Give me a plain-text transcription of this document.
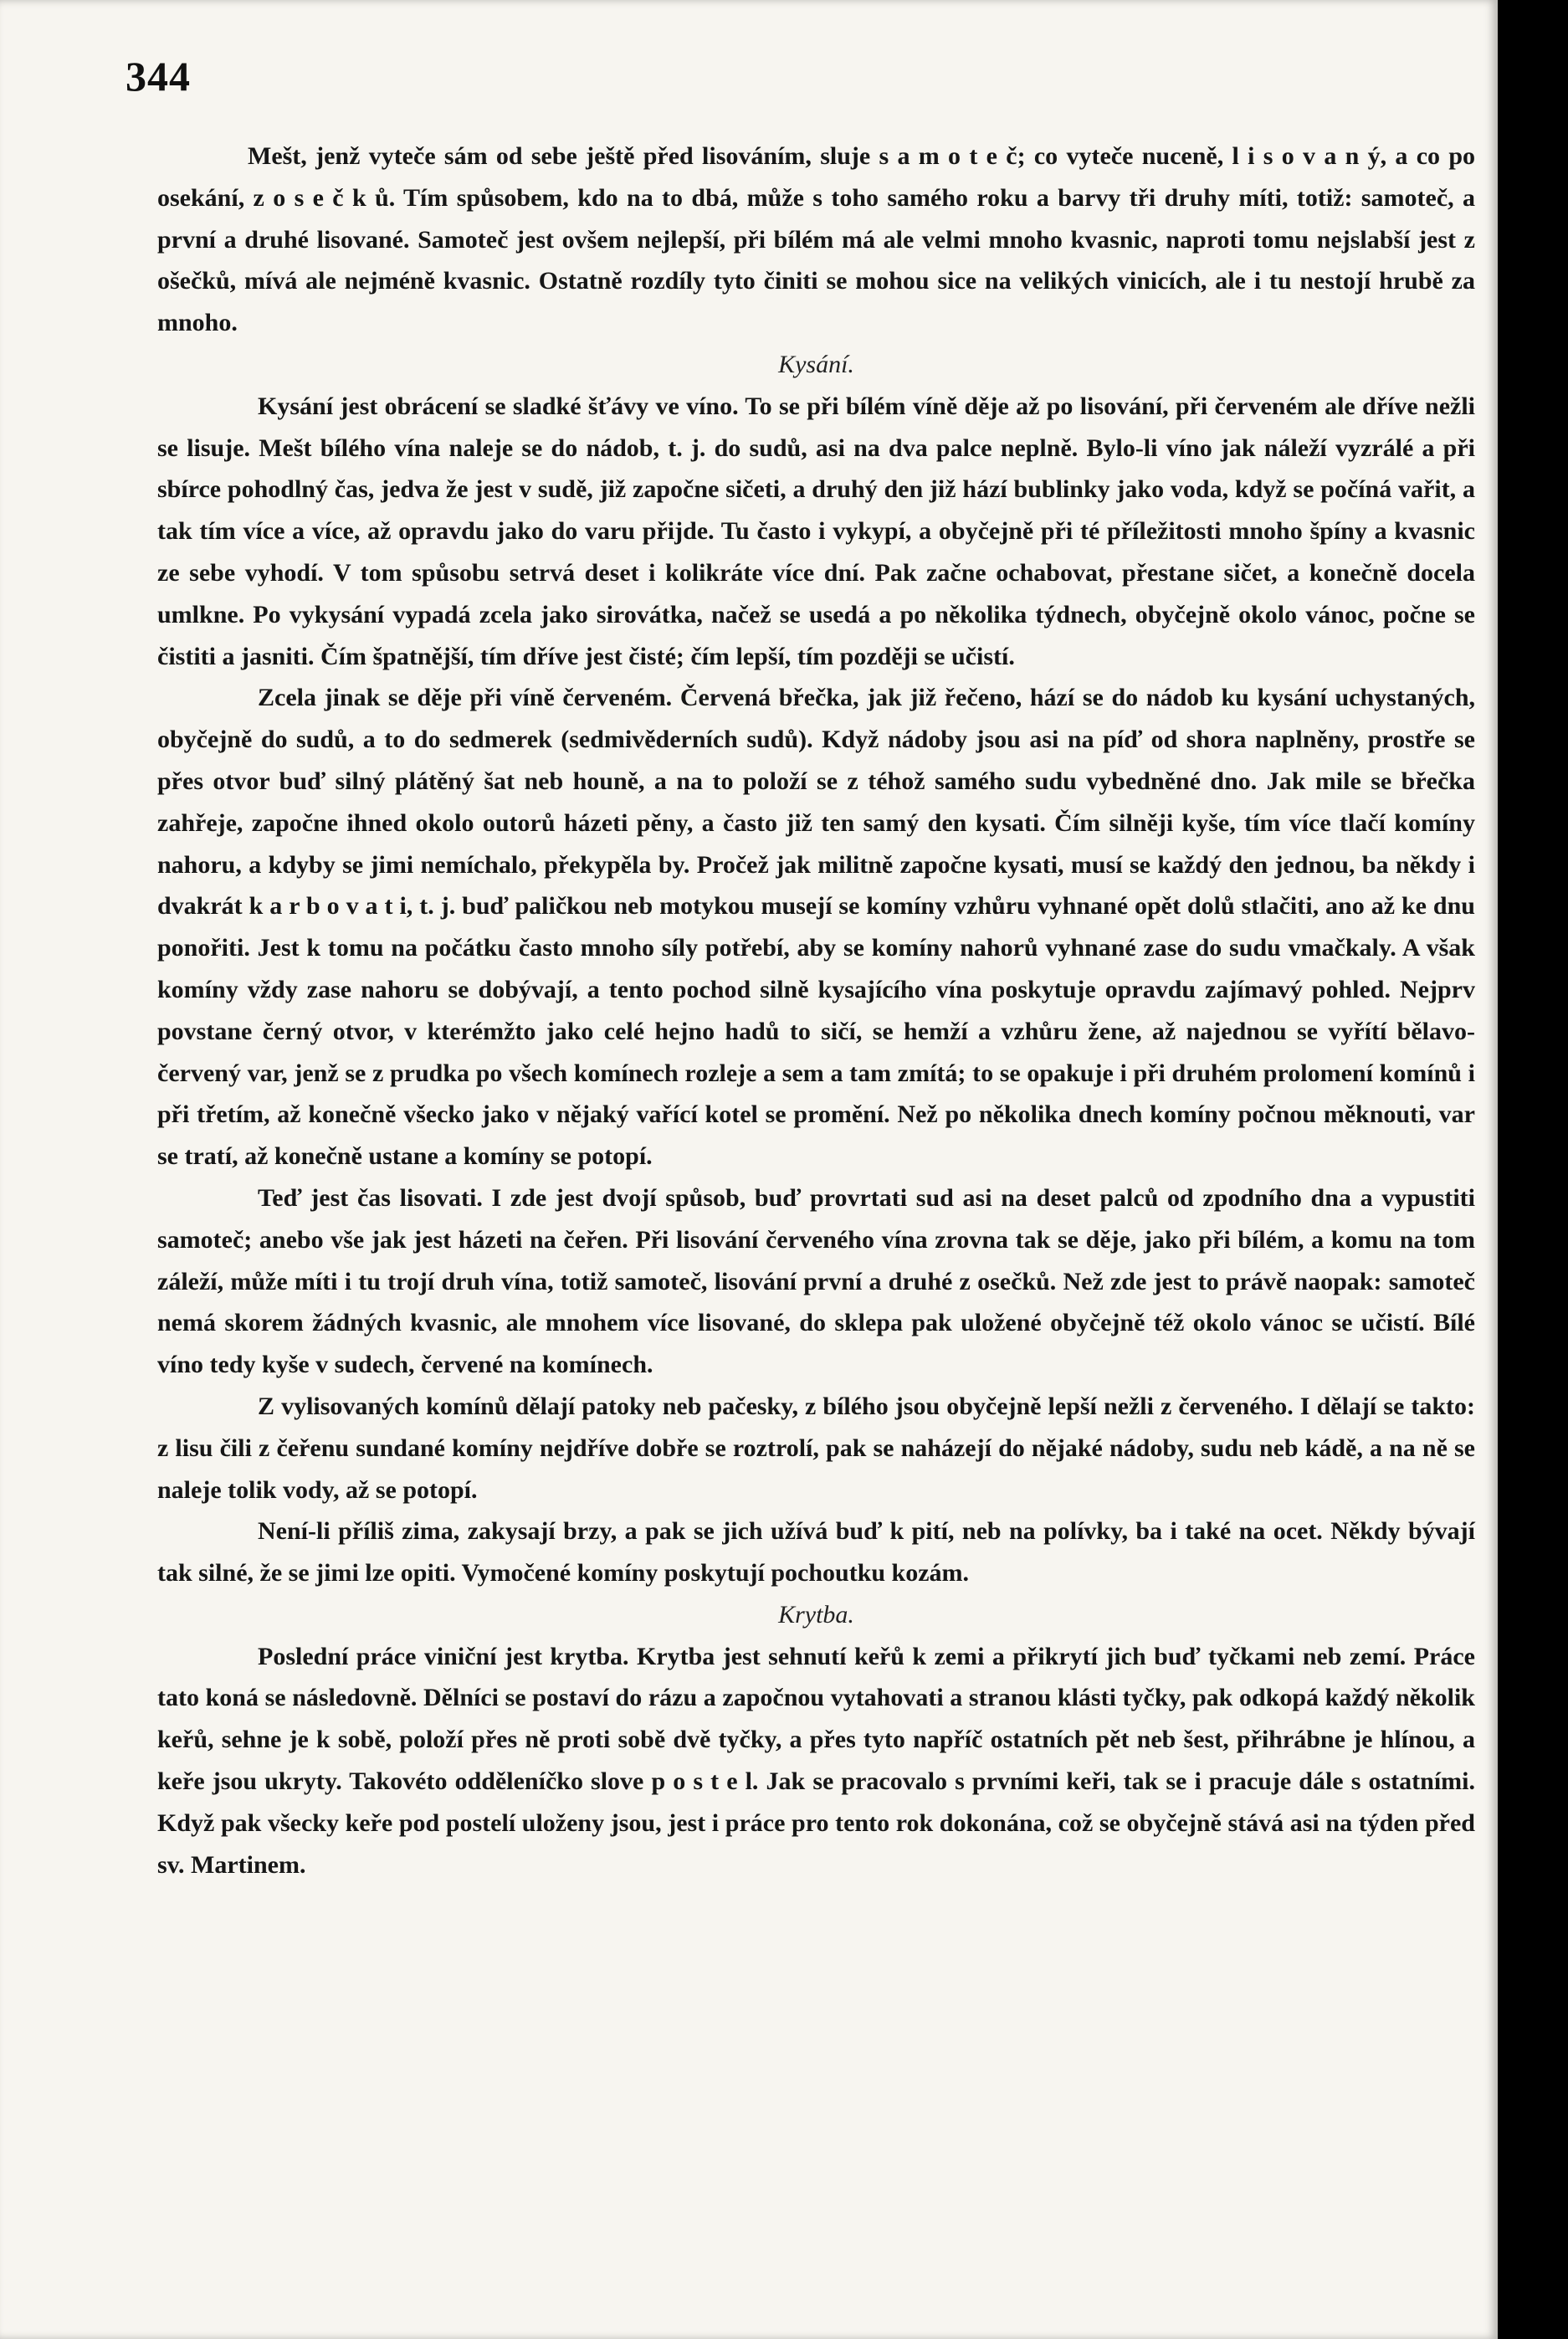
344

Mešt, jenž vyteče sám od sebe ještě před lisováním, sluje s a m o t e č; co vyteče nuceně, l i s o v a n ý, a co po osekání, z o s e č k ů. Tím spůsobem, kdo na to dbá, může s toho samého roku a barvy tři druhy míti, totiž: samoteč, a první a druhé lisované. Samoteč jest ovšem nejlepší, při bílém má ale velmi mnoho kvasnic, naproti tomu nejslabší jest z ošečků, mívá ale nejméně kvasnic. Ostatně rozdíly tyto činiti se mohou sice na velikých vinicích, ale i tu nestojí hrubě za mnoho.

Kysání.

Kysání jest obrácení se sladké šťávy ve víno. To se při bílém víně děje až po lisování, při červeném ale dříve nežli se lisuje. Mešt bílého vína naleje se do nádob, t. j. do sudů, asi na dva palce neplně. Bylo-li víno jak náleží vyzrálé a při sbírce pohodlný čas, jedva že jest v sudě, již započne sičeti, a druhý den již hází bublinky jako voda, když se počíná vařit, a tak tím více a více, až opravdu jako do varu přijde. Tu často i vykypí, a obyčejně při té příležitosti mnoho špíny a kvasnic ze sebe vyhodí. V tom spůsobu setrvá deset i kolikráte více dní. Pak začne ochabovat, přestane sičet, a konečně docela umlkne. Po vykysání vypadá zcela jako sirovátka, načež se usedá a po několika týdnech, obyčejně okolo vánoc, počne se čistiti a jasniti. Čím špatnější, tím dříve jest čisté; čím lepší, tím později se učistí.

Zcela jinak se děje při víně červeném. Červená břečka, jak již řečeno, hází se do nádob ku kysání uchystaných, obyčejně do sudů, a to do sedmerek (sedmivěderních sudů). Když nádoby jsou asi na píď od shora naplněny, prostře se přes otvor buď silný plátěný šat neb houně, a na to položí se z téhož samého sudu vybedněné dno. Jak mile se břečka zahřeje, započne ihned okolo outorů házeti pěny, a často již ten samý den kysati. Čím silněji kyše, tím více tlačí komíny nahoru, a kdyby se jimi nemíchalo, překypěla by. Pročež jak militně započne kysati, musí se každý den jednou, ba někdy i dvakrát k a r b o v a t i, t. j. buď paličkou neb motykou musejí se komíny vzhůru vyhnané opět dolů stlačiti, ano až ke dnu ponořiti. Jest k tomu na počátku často mnoho síly potřebí, aby se komíny nahorů vyhnané zase do sudu vmačkaly. A však komíny vždy zase nahoru se dobývají, a tento pochod silně kysajícího vína poskytuje opravdu zajímavý pohled. Nejprv povstane černý otvor, v kterémžto jako celé hejno hadů to sičí, se hemží a vzhůru žene, až najednou se vyřítí bělavo-červený var, jenž se z prudka po všech komínech rozleje a sem a tam zmítá; to se opakuje i při druhém prolomení komínů i při třetím, až konečně všecko jako v nějaký vařící kotel se promění. Než po několika dnech komíny počnou měknouti, var se tratí, až konečně ustane a komíny se potopí.

Teď jest čas lisovati. I zde jest dvojí spůsob, buď provrtati sud asi na deset palců od zpodního dna a vypustiti samoteč; anebo vše jak jest házeti na čeřen. Při lisování červeného vína zrovna tak se děje, jako při bílém, a komu na tom záleží, může míti i tu trojí druh vína, totiž samoteč, lisování první a druhé z osečků. Než zde jest to právě naopak: samoteč nemá skorem žádných kvasnic, ale mnohem více lisované, do sklepa pak uložené obyčejně též okolo vánoc se učistí. Bílé víno tedy kyše v sudech, červené na komínech.

Z vylisovaných komínů dělají patoky neb pačesky, z bílého jsou obyčejně lepší nežli z červeného. I dělají se takto: z lisu čili z čeřenu sundané komíny nejdříve dobře se roztrolí, pak se naházejí do nějaké nádoby, sudu neb kádě, a na ně se naleje tolik vody, až se potopí.

Není-li příliš zima, zakysají brzy, a pak se jich užívá buď k pití, neb na polívky, ba i také na ocet. Někdy bývají tak silné, že se jimi lze opiti. Vymočené komíny poskytují pochoutku kozám.

Krytba.

Poslední práce viniční jest krytba. Krytba jest sehnutí keřů k zemi a přikrytí jich buď tyčkami neb zemí. Práce tato koná se následovně. Dělníci se postaví do rázu a započnou vytahovati a stranou klásti tyčky, pak odkopá každý několik keřů, sehne je k sobě, položí přes ně proti sobě dvě tyčky, a přes tyto napříč ostatních pět neb šest, přihrábne je hlínou, a keře jsou ukryty. Takovéto odděleníčko slove p o s t e l. Jak se pracovalo s prvními keři, tak se i pracuje dále s ostatními. Když pak všecky keře pod postelí uloženy jsou, jest i práce pro tento rok dokonána, což se obyčejně stává asi na týden před sv. Martinem.
